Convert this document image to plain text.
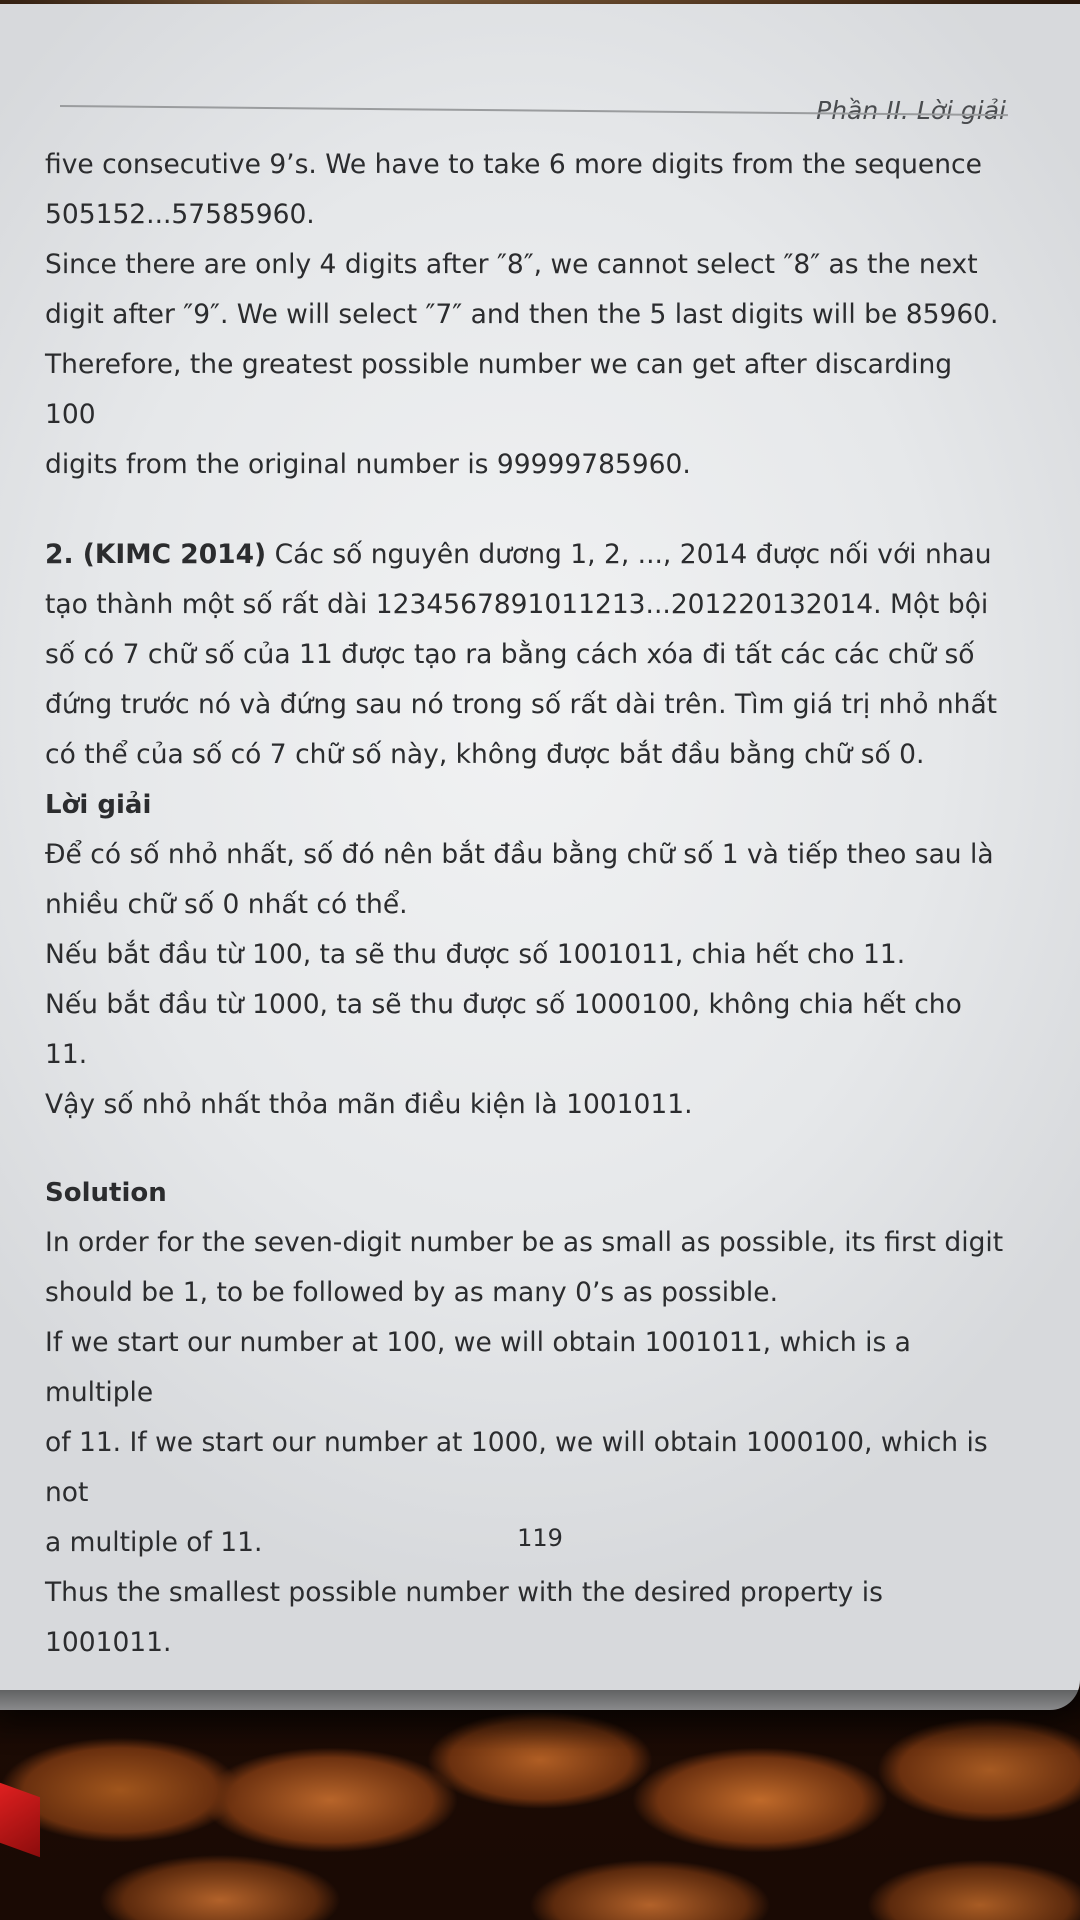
Phần II. Lời giải

five consecutive 9’s. We have to take 6 more digits from the sequence

505152...57585960.

Since there are only 4 digits after ″8″, we cannot select ″8″ as the next

digit after ″9″. We will select ″7″ and then the 5 last digits will be 85960.

Therefore, the greatest possible number we can get after discarding 100

digits from the original number is 99999785960.

2. (KIMC 2014) Các số nguyên dương 1, 2, ..., 2014 được nối với nhau

tạo thành một số rất dài 1234567891011213...201220132014. Một bội

số có 7 chữ số của 11 được tạo ra bằng cách xóa đi tất các các chữ số

đứng trước nó và đứng sau nó trong số rất dài trên. Tìm giá trị nhỏ nhất

có thể của số có 7 chữ số này, không được bắt đầu bằng chữ số 0.

Lời giải

Để có số nhỏ nhất, số đó nên bắt đầu bằng chữ số 1 và tiếp theo sau là

nhiều chữ số 0 nhất có thể.

Nếu bắt đầu từ 100, ta sẽ thu được số 1001011, chia hết cho 11.

Nếu bắt đầu từ 1000, ta sẽ thu được số 1000100, không chia hết cho 11.

Vậy số nhỏ nhất thỏa mãn điều kiện là 1001011.

Solution

In order for the seven-digit number be as small as possible, its first digit

should be 1, to be followed by as many 0’s as possible.

If we start our number at 100, we will obtain 1001011, which is a multiple

of 11. If we start our number at 1000, we will obtain 1000100, which is not

a multiple of 11.

Thus the smallest possible number with the desired property is 1001011.

119
